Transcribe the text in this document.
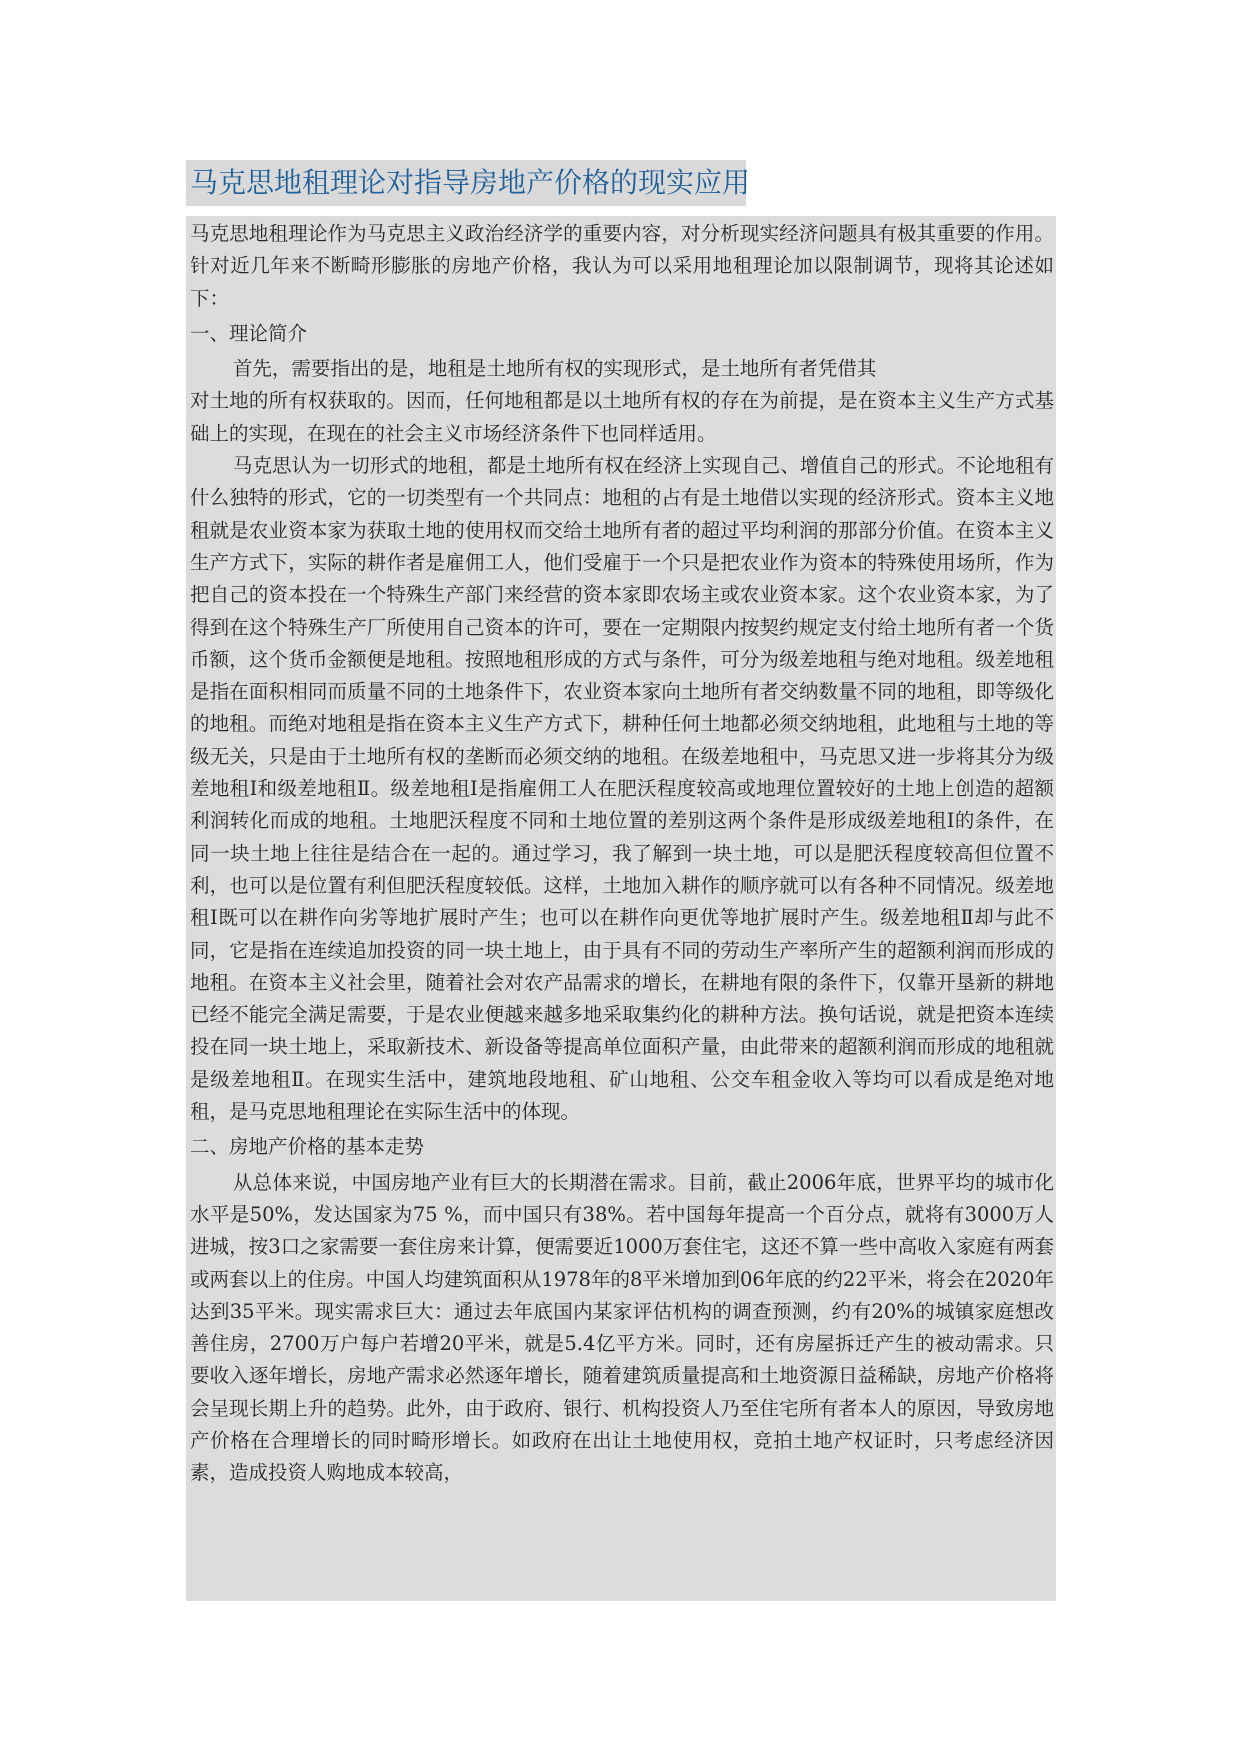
马克思地租理论对指导房地产价格的现实应用

马克思地租理论作为马克思主义政治经济学的重要内容，对分析现实经济问题具有极其重要的作用。针对近几年来不断畸形膨胀的房地产价格，我认为可以采用地租理论加以限制调节，现将其论述如下：

一、理论简介

首先，需要指出的是，地租是土地所有权的实现形式，是土地所有者凭借其

对土地的所有权获取的。因而，任何地租都是以土地所有权的存在为前提，是在资本主义生产方式基础上的实现，在现在的社会主义市场经济条件下也同样适用。

马克思认为一切形式的地租，都是土地所有权在经济上实现自己、增值自己的形式。不论地租有什么独特的形式，它的一切类型有一个共同点：地租的占有是土地借以实现的经济形式。资本主义地租就是农业资本家为获取土地的使用权而交给土地所有者的超过平均利润的那部分价值。在资本主义生产方式下，实际的耕作者是雇佣工人，他们受雇于一个只是把农业作为资本的特殊使用场所，作为把自己的资本投在一个特殊生产部门来经营的资本家即农场主或农业资本家。这个农业资本家，为了得到在这个特殊生产厂所使用自己资本的许可，要在一定期限内按契约规定支付给土地所有者一个货币额，这个货币金额便是地租。按照地租形成的方式与条件，可分为级差地租与绝对地租。级差地租是指在面积相同而质量不同的土地条件下，农业资本家向土地所有者交纳数量不同的地租，即等级化的地租。而绝对地租是指在资本主义生产方式下，耕种任何土地都必须交纳地租，此地租与土地的等级无关，只是由于土地所有权的垄断而必须交纳的地租。在级差地租中，马克思又进一步将其分为级差地租Ⅰ和级差地租Ⅱ。级差地租Ⅰ是指雇佣工人在肥沃程度较高或地理位置较好的土地上创造的超额利润转化而成的地租。土地肥沃程度不同和土地位置的差别这两个条件是形成级差地租Ⅰ的条件，在同一块土地上往往是结合在一起的。通过学习，我了解到一块土地，可以是肥沃程度较高但位置不利，也可以是位置有利但肥沃程度较低。这样，土地加入耕作的顺序就可以有各种不同情况。级差地租Ⅰ既可以在耕作向劣等地扩展时产生；也可以在耕作向更优等地扩展时产生。级差地租Ⅱ却与此不同，它是指在连续追加投资的同一块土地上，由于具有不同的劳动生产率所产生的超额利润而形成的地租。在资本主义社会里，随着社会对农产品需求的增长，在耕地有限的条件下，仅靠开垦新的耕地已经不能完全满足需要，于是农业便越来越多地采取集约化的耕种方法。换句话说，就是把资本连续投在同一块土地上，采取新技术、新设备等提高单位面积产量，由此带来的超额利润而形成的地租就是级差地租Ⅱ。在现实生活中，建筑地段地租、矿山地租、公交车租金收入等均可以看成是绝对地租，是马克思地租理论在实际生活中的体现。

二、房地产价格的基本走势

从总体来说，中国房地产业有巨大的长期潜在需求。目前，截止2006年底，世界平均的城市化水平是50%，发达国家为75 %，而中国只有38%。若中国每年提高一个百分点，就将有3000万人进城，按3口之家需要一套住房来计算，便需要近1000万套住宅，这还不算一些中高收入家庭有两套或两套以上的住房。中国人均建筑面积从1978年的8平米增加到06年底的约22平米，将会在2020年达到35平米。现实需求巨大：通过去年底国内某家评估机构的调查预测，约有20%的城镇家庭想改善住房，2700万户每户若增20平米，就是5.4亿平方米。同时，还有房屋拆迁产生的被动需求。只要收入逐年增长，房地产需求必然逐年增长，随着建筑质量提高和土地资源日益稀缺，房地产价格将会呈现长期上升的趋势。此外，由于政府、银行、机构投资人乃至住宅所有者本人的原因，导致房地产价格在合理增长的同时畸形增长。如政府在出让土地使用权，竞拍土地产权证时，只考虑经济因素，造成投资人购地成本较高，
